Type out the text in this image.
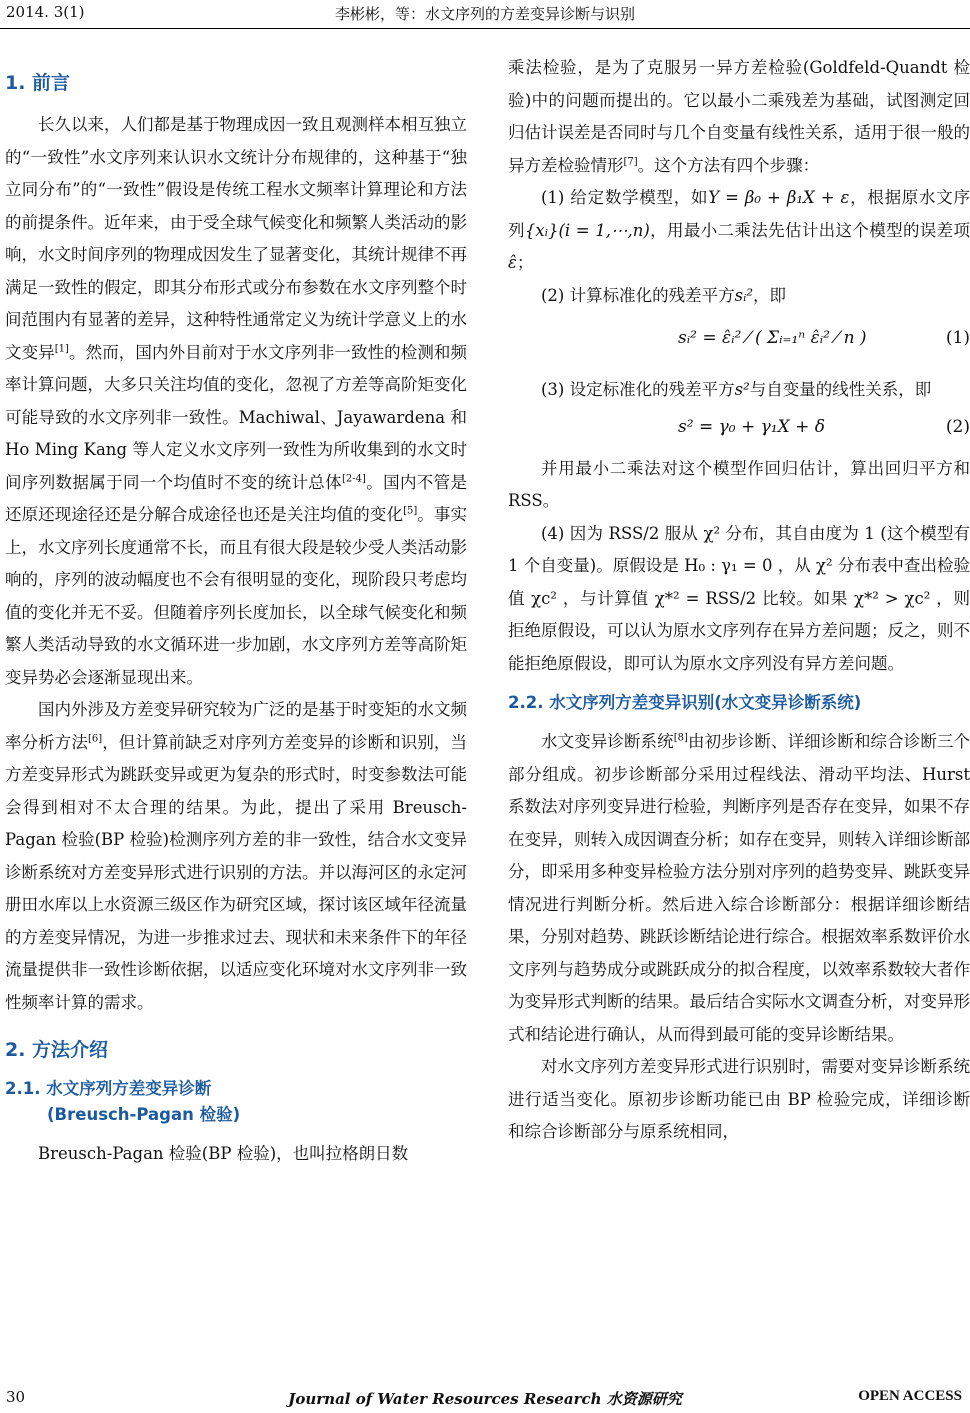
2014. 3(1)	李彬彬，等：水文序列的方差变异诊断与识别
1. 前言

长久以来，人们都是基于物理成因一致且观测样本相互独立的“一致性”水文序列来认识水文统计分布规律的，这种基于“独立同分布”的“一致性”假设是传统工程水文频率计算理论和方法的前提条件。近年来，由于受全球气候变化和频繁人类活动的影响，水文时间序列的物理成因发生了显著变化，其统计规律不再满足一致性的假定，即其分布形式或分布参数在水文序列整个时间范围内有显著的差异，这种特性通常定义为统计学意义上的水文变异[1]。然而，国内外目前对于水文序列非一致性的检测和频率计算问题，大多只关注均值的变化，忽视了方差等高阶矩变化可能导致的水文序列非一致性。Machiwal、Jayawardena 和 Ho Ming Kang 等人定义水文序列一致性为所收集到的水文时间序列数据属于同一个均值时不变的统计总体[2-4]。国内不管是还原还现途径还是分解合成途径也还是关注均值的变化[5]。事实上，水文序列长度通常不长，而且有很大段是较少受人类活动影响的，序列的波动幅度也不会有很明显的变化，现阶段只考虑均值的变化并无不妥。但随着序列长度加长，以全球气候变化和频繁人类活动导致的水文循环进一步加剧，水文序列方差等高阶矩变异势必会逐渐显现出来。

国内外涉及方差变异研究较为广泛的是基于时变矩的水文频率分析方法[6]，但计算前缺乏对序列方差变异的诊断和识别，当方差变异形式为跳跃变异或更为复杂的形式时，时变参数法可能会得到相对不太合理的结果。为此，提出了采用 Breusch-Pagan 检验(BP 检验)检测序列方差的非一致性，结合水文变异诊断系统对方差变异形式进行识别的方法。并以海河区的永定河册田水库以上水资源三级区作为研究区域，探讨该区域年径流量的方差变异情况，为进一步推求过去、现状和未来条件下的年径流量提供非一致性诊断依据，以适应变化环境对水文序列非一致性频率计算的需求。

2. 方法介绍
2.1. 水文序列方差变异诊断
(Breusch-Pagan 检验)

Breusch-Pagan 检验(BP 检验)，也叫拉格朗日数

乘法检验，是为了克服另一异方差检验(Goldfeld-Quandt 检验)中的问题而提出的。它以最小二乘残差为基础，试图测定回归估计误差是否同时与几个自变量有线性关系，适用于很一般的异方差检验情形[7]。这个方法有四个步骤：

(1) 给定数学模型，如Y = β₀ + β₁X + ε，根据原水文序列{xᵢ}(i = 1,⋯,n)，用最小二乘法先估计出这个模型的误差项ε̂；

(2) 计算标准化的残差平方sᵢ²，即

sᵢ² = ε̂ᵢ² ⁄ ( Σᵢ₌₁ⁿ ε̂ᵢ² ⁄ n )	(1)

(3) 设定标准化的残差平方s²与自变量的线性关系，即

s² = γ₀ + γ₁X + δ	(2)

并用最小二乘法对这个模型作回归估计，算出回归平方和 RSS。

(4) 因为 RSS/2 服从 χ² 分布，其自由度为 1 (这个模型有 1 个自变量)。原假设是 H₀ : γ₁ = 0 ，从 χ² 分布表中查出检验值 χc² ，与计算值 χ*² = RSS/2 比较。如果 χ*² > χc² ，则拒绝原假设，可以认为原水文序列存在异方差问题；反之，则不能拒绝原假设，即可认为原水文序列没有异方差问题。

2.2. 水文序列方差变异识别(水文变异诊断系统)

水文变异诊断系统[8]由初步诊断、详细诊断和综合诊断三个部分组成。初步诊断部分采用过程线法、滑动平均法、Hurst 系数法对序列变异进行检验，判断序列是否存在变异，如果不存在变异，则转入成因调查分析；如存在变异，则转入详细诊断部分，即采用多种变异检验方法分别对序列的趋势变异、跳跃变异情况进行判断分析。然后进入综合诊断部分：根据详细诊断结果，分别对趋势、跳跃诊断结论进行综合。根据效率系数评价水文序列与趋势成分或跳跃成分的拟合程度，以效率系数较大者作为变异形式判断的结果。最后结合实际水文调查分析，对变异形式和结论进行确认，从而得到最可能的变异诊断结果。

对水文序列方差变异形式进行识别时，需要对变异诊断系统进行适当变化。原初步诊断功能已由 BP 检验完成，详细诊断和综合诊断部分与原系统相同，

30	Journal of Water Resources Research 水资源研究	OPEN ACCESS
